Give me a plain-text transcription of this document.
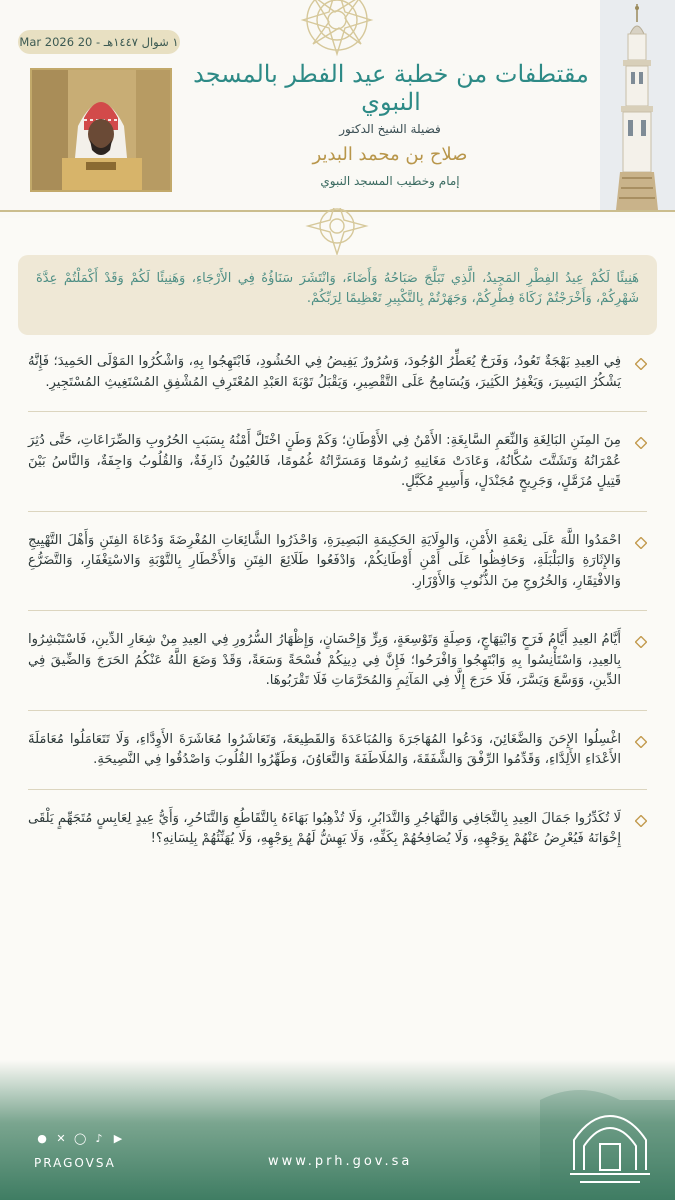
١ شوال ١٤٤٧هـ - 20 Mar 2026
مقتطفات من خطبة عيد الفطر بالمسجد النبوي
فضيلة الشيخ الدكتور
صلاح بن محمد البدير
إمام وخطيب المسجد النبوي
هَنِيئًا لَكُمْ عِيدُ الفِطْرِ المَجِيدُ، الَّذِي تَبَلَّجَ صَبَاحُهُ وَأَضَاءَ، وَانْتَشَرَ سَنَاؤُهُ فِي الأَرْجَاءِ، وَهَنِيئًا لَكُمْ وَقَدْ أَكْمَلْتُمْ عِدَّةَ شَهْرِكُمْ، وَأَخْرَجْتُمْ زَكَاةَ فِطْرِكُمْ، وَجَهَرْتُمْ بِالتَّكْبِيرِ تَعْظِيمًا لِرَبِّكُمْ.
فِي العِيدِ بَهْجَةٌ تَعُودُ، وَفَرَحٌ يُعَطِّرُ الوُجُودَ، وَسُرُورٌ يَفِيضُ فِي الحُشُودِ، فَابْتَهِجُوا بِهِ، وَاشْكُرُوا المَوْلَى الحَمِيدَ؛ فَإِنَّهُ يَشْكُرُ اليَسِيرَ، وَيَغْفِرُ الكَثِيرَ، وَيُسَامِحُ عَلَى التَّقْصِيرِ، وَيَقْبَلُ تَوْبَةَ العَبْدِ المُعْتَرِفِ المُشْفِقِ المُسْتَغِيثِ المُسْتَجِيرِ.
مِنَ المِنَنِ البَالِغَةِ وَالنِّعَمِ السَّابِغَةِ: الأَمْنُ فِي الأَوْطَانِ؛ وَكَمْ وَطَنٍ اخْتَلَّ أَمْنُهُ بِسَبَبِ الحُرُوبِ وَالصِّرَاعَاتِ، حَتَّى دُثِرَ عُمْرَانُهُ وَتَشَتَّتَ سُكَّانُهُ، وَعَادَتْ مَغَانِيهِ رُسُومًا وَمَسَرَّاتُهُ غُمُومًا، فَالعُيُونُ ذَارِفَةٌ، وَالقُلُوبُ وَاجِفَةٌ، وَالنَّاسُ بَيْنَ قَتِيلٍ مُزَمَّلٍ، وَجَرِيحٍ مُجَنْدَلٍ، وَأَسِيرٍ مُكَبَّلٍ.
احْمَدُوا اللَّهَ عَلَى نِعْمَةِ الأَمْنِ، وَالوِلَايَةِ الحَكِيمَةِ البَصِيرَةِ، وَاحْذَرُوا الشَّائِعَاتِ المُغْرِضَةَ وَدُعَاةَ الفِتَنِ وَأَهْلَ التَّهْيِيجِ وَالإِثَارَةِ وَالبَلْبَلَةِ، وَحَافِظُوا عَلَى أَمْنِ أَوْطَانِكُمْ، وَادْفَعُوا طَلَائِعَ الفِتَنِ وَالأَخْطَارِ بِالتَّوْبَةِ وَالاسْتِغْفَارِ، وَالتَّضَرُّعِ وَالافْتِقَارِ، وَالخُرُوجِ مِنَ الذُّنُوبِ وَالأَوْزَارِ.
أَيَّامُ العِيدِ أَيَّامُ فَرَحٍ وَابْتِهَاجٍ، وَصِلَةٍ وَتَوْسِعَةٍ، وَبِرٍّ وَإِحْسَانٍ، وَإِظْهَارُ السُّرُورِ فِي العِيدِ مِنْ شِعَارِ الدِّينِ، فَاسْتَبْشِرُوا بِالعِيدِ، وَاسْتَأْنِسُوا بِهِ وَابْتَهِجُوا وَافْرَحُوا؛ فَإِنَّ فِي دِينِكُمْ فُسْحَةً وَسَعَةً، وَقَدْ وَضَعَ اللَّهُ عَنْكُمُ الحَرَجَ وَالضِّيقَ فِي الدِّينِ، وَوَسَّعَ وَيَسَّرَ، فَلَا حَرَجَ إِلَّا فِي المَآثِمِ وَالمُحَرَّمَاتِ فَلَا تَقْرَبُوهَا.
اغْسِلُوا الإِحَنَ وَالضَّغَائِنَ، وَدَعُوا المُهَاجَرَةَ وَالمُبَاعَدَةَ وَالقَطِيعَةَ، وَتَعَاشَرُوا مُعَاشَرَةَ الأَوِدَّاءِ، وَلَا تَتَعَامَلُوا مُعَامَلَةَ الأَعْدَاءِ الأَلِدَّاءِ، وَقَدِّمُوا الرِّفْقَ وَالشَّفَقَةَ، وَالمُلَاطَفَةَ وَالتَّعَاوُنَ، وَطَهِّرُوا القُلُوبَ وَاصْدُقُوا فِي النَّصِيحَةِ.
لَا تُكَدِّرُوا جَمَالَ العِيدِ بِالتَّجَافِي وَالتَّهَاجُرِ وَالتَّدَابُرِ، وَلَا تُذْهِبُوا بَهَاءَهُ بِالتَّقَاطُعِ وَالتَّنَاحُرِ، وَأَيُّ عِيدٍ لِعَابِسٍ مُتَجَهِّمٍ يَلْقَى إِخْوَانَهُ فَيُعْرِضُ عَنْهُمْ بِوَجْهِهِ، وَلَا يُصَافِحُهُمْ بِكَفِّهِ، وَلَا يَهِشُّ لَهُمْ بِوَجْهِهِ، وَلَا يُهَنِّئُهُمْ بِلِسَانِهِ؟!
● ✕ ◯ ♪ ▶
PRAGOVSA	www.prh.gov.sa
